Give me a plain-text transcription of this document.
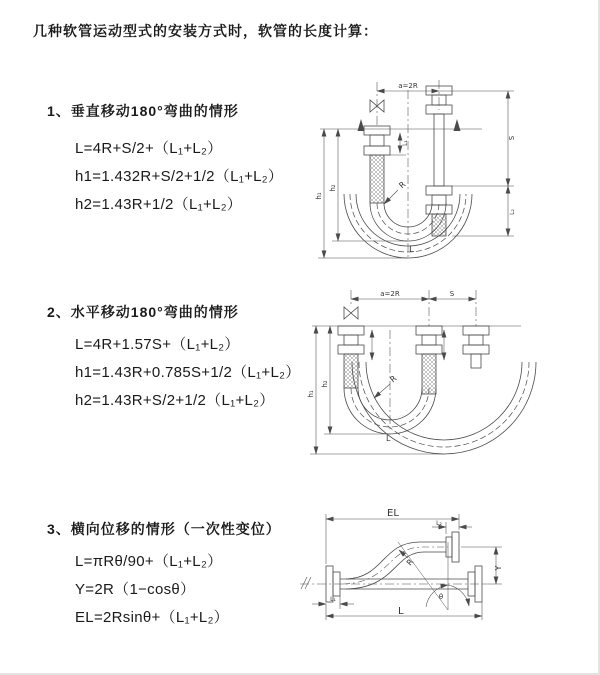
几种软管运动型式的安装方式时，软管的长度计算：
1、垂直移动180°弯曲的情形
L=4R+S/2+（L₁+L₂）
h1=1.432R+S/2+1/2（L₁+L₂）
h2=1.43R+1/2（L₁+L₂）
2、水平移动180°弯曲的情形
L=4R+1.57S+（L₁+L₂）
h1=1.43R+0.785S+1/2（L₁+L₂）
h2=1.43R+S/2+1/2（L₁+L₂）
3、横向位移的情形（一次性变位）
L=πRθ/90+（L₁+L₂）
Y=2R（1−cosθ）
EL=2Rsinθ+（L₁+L₂）
a=2R
h₁
h₂
L₁
S
L₂
R
L
a=2R	S
h₁
h₂	R
L
EL
L₂
Y
R
θ
L
L₁
